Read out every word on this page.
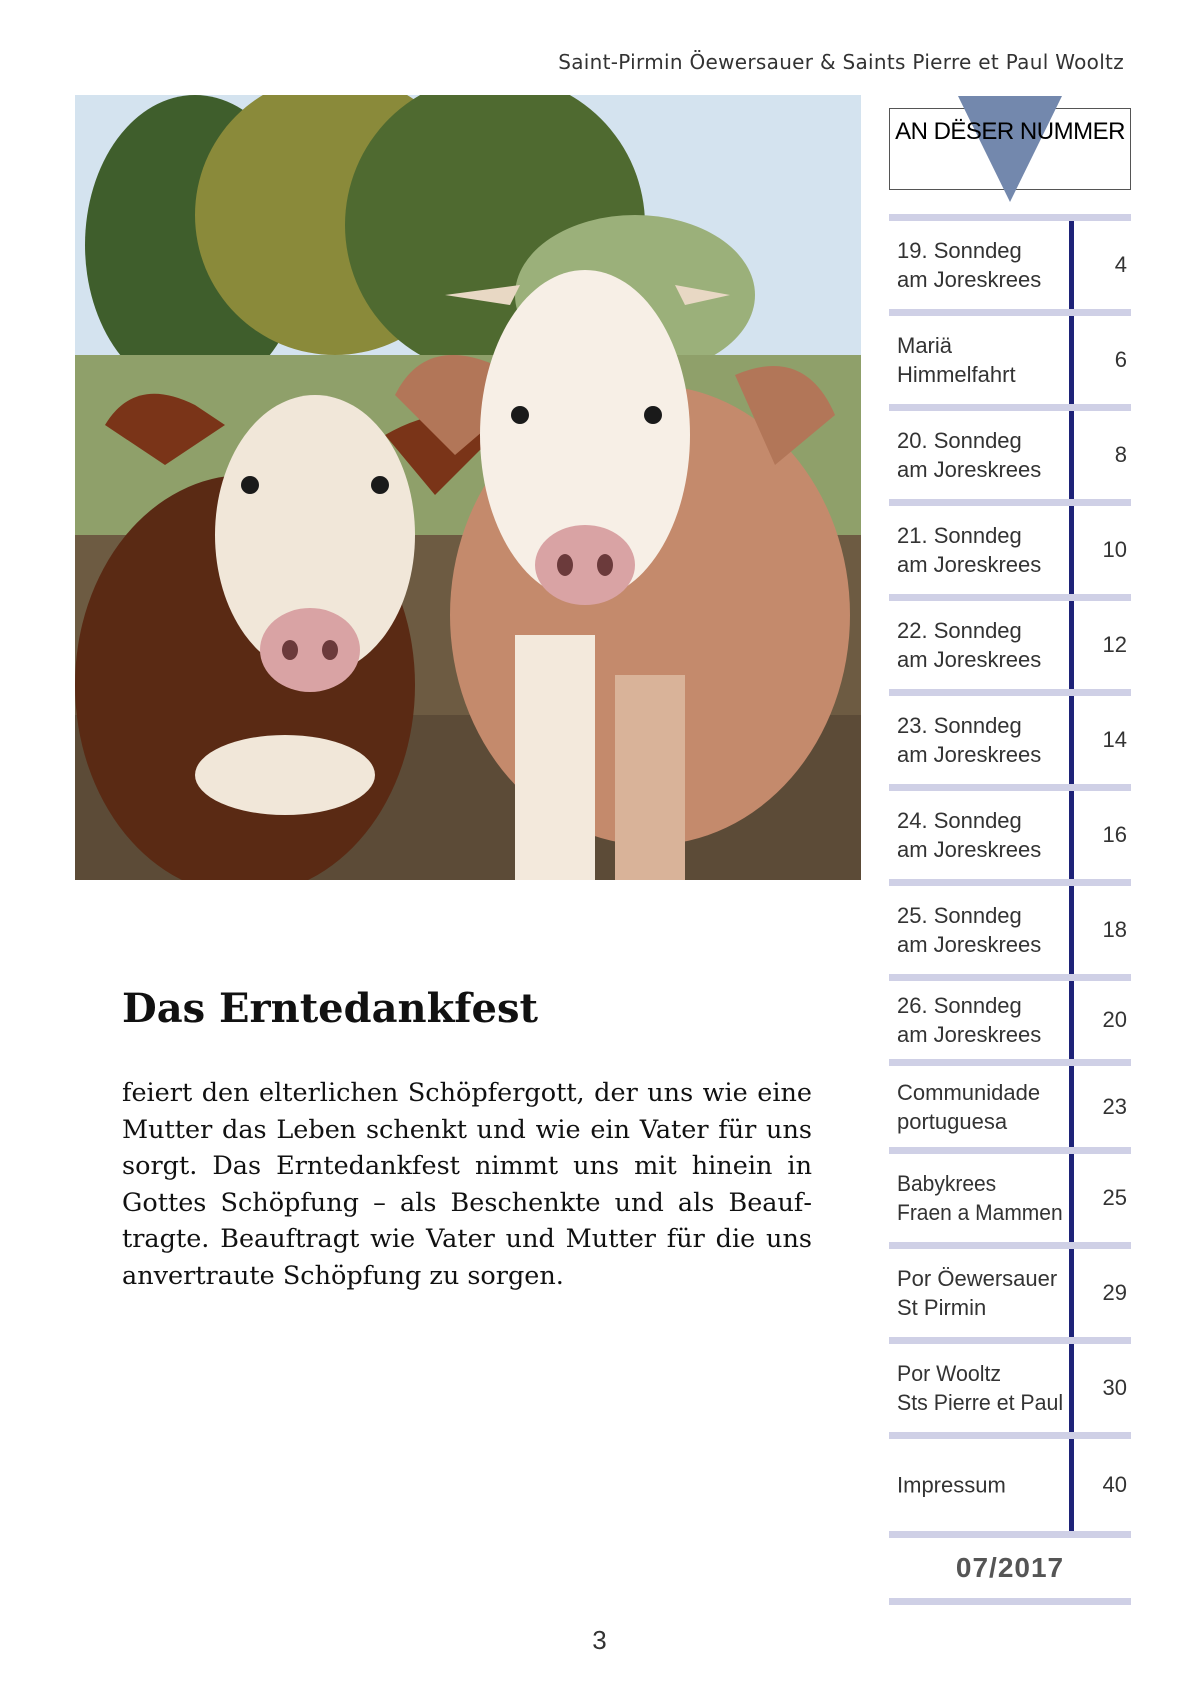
Saint-Pirmin Öewersauer & Saints Pierre et Paul Wooltz
Das Erntedankfest
feiert den elterlichen Schöpfergott, der uns wie eine Mutter das Leben schenkt und wie ein Vater für uns sorgt. Das Erntedankfest nimmt uns mit hinein in Gottes Schöpfung – als Beschenkte und als Beauftragte. Beauftragt wie Vater und Mutter für die uns anvertraute Schöpfung zu sorgen.
AN DËSER NUMMER
19. Sonndeg
am Joreskrees
4
Mariä
Himmelfahrt
6
20. Sonndeg
am Joreskrees
8
21. Sonndeg
am Joreskrees
10
22. Sonndeg
am Joreskrees
12
23. Sonndeg
am Joreskrees
14
24. Sonndeg
am Joreskrees
16
25. Sonndeg
am Joreskrees
18
26. Sonndeg
am Joreskrees
20
Communidade
portuguesa
23
Babykrees
Fraen a Mammen
25
Por Öewersauer
St Pirmin
29
Por Wooltz
Sts Pierre et Paul
30
Impressum	40
07/2017
3
